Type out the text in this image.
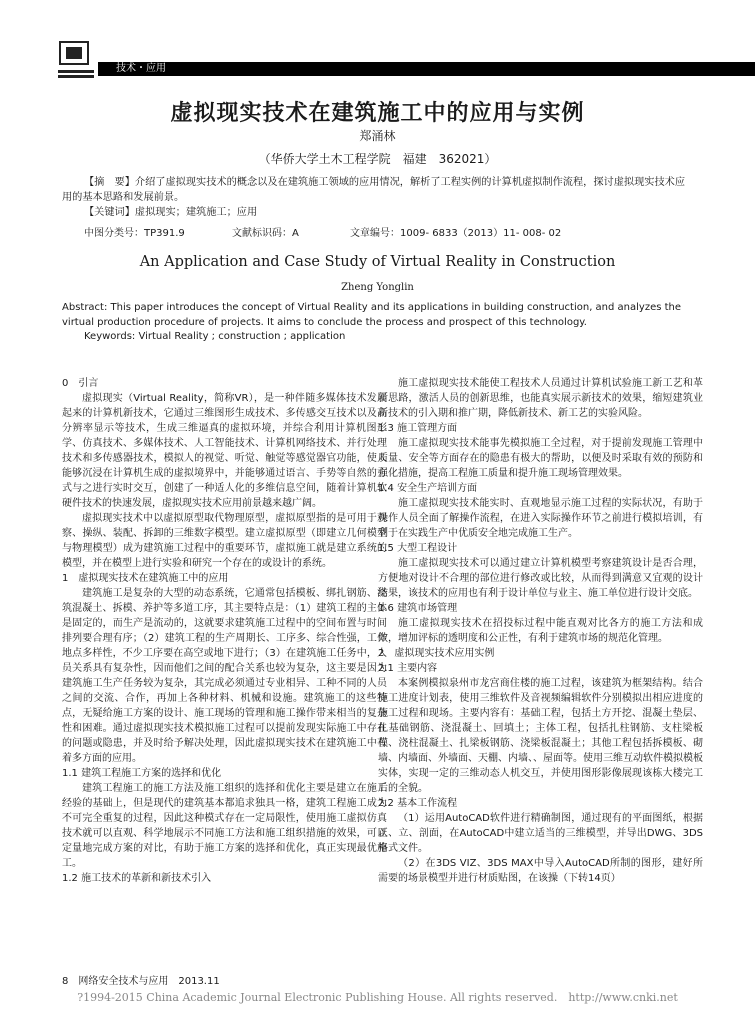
技术・应用
虚拟现实技术在建筑施工中的应用与实例
郑涌林
（华侨大学土木工程学院　福建　362021）

【摘　要】介绍了虚拟现实技术的概念以及在建筑施工领域的应用情况，解析了工程实例的计算机虚拟制作流程，探讨虚拟现实技术应用的基本思路和发展前景。

【关键词】虚拟现实；建筑施工；应用

中图分类号：TP391.9	文献标识码：A	文章编号：1009- 6833（2013）11- 008- 02
An Application and Case Study of Virtual Reality in Construction
Zheng Yonglin

Abstract: This paper introduces the concept of Virtual Reality and its applications in building construction, and analyzes the virtual production procedure of projects. It aims to conclude the process and prospect of this technology.

Keywords: Virtual Reality ; construction ; application

0　引言

虚拟现实（Virtual Reality，简称VR），是一种伴随多媒体技术发展起来的计算机新技术，它通过三维图形生成技术、多传感交互技术以及高分辨率显示等技术，生成三维逼真的虚拟环境，并综合利用计算机图形学、仿真技术、多媒体技术、人工智能技术、计算机网络技术、并行处理技术和多传感器技术，模拟人的视觉、听觉、触觉等感觉器官功能，使人能够沉浸在计算机生成的虚拟境界中，并能够通过语言、手势等自然的方式与之进行实时交互，创建了一种适人化的多维信息空间，随着计算机软硬件技术的快速发展，虚拟现实技术应用前景越来越广阔。

虚拟现实技术中以虚拟原型取代物理原型，虚拟原型指的是可用于观察、操纵、装配、拆卸的三维数字模型。建立虚拟原型（即建立几何模型与物理模型）成为建筑施工过程中的重要环节，虚拟施工就是建立系统的模型，并在模型上进行实验和研究一个存在的或设计的系统。

1　虚拟现实技术在建筑施工中的应用

建筑施工是复杂的大型的动态系统，它通常包括模板、绑扎钢筋、浇筑混凝土、拆模、养护等多道工序，其主要特点是：（1）建筑工程的主体是固定的，而生产是流动的，这就要求建筑施工过程中的空间布置与时间排列要合理有序；（2）建筑工程的生产周期长、工序多、综合性强，工作地点多样性，不少工序要在高空或地下进行；（3）在建筑施工任务中，人员关系具有复杂性，因而他们之间的配合关系也较为复杂，这主要是因为建筑施工生产任务较为复杂，其完成必须通过专业相异、工种不同的人员之间的交流、合作，再加上各种材料、机械和设施。建筑施工的这些特点，无疑给施工方案的设计、施工现场的管理和施工操作带来相当的复杂性和困难。通过虚拟现实技术模拟施工过程可以提前发现实际施工中存在的问题或隐患，并及时给予解决处理，因此虚拟现实技术在建筑施工中有着多方面的应用。

1.1 建筑工程施工方案的选择和优化

建筑工程施工的施工方法及施工组织的选择和优化主要是建立在施工经验的基础上，但是现代的建筑基本都追求独具一格，建筑工程施工成为不可完全重复的过程，因此这种模式存在一定局限性，使用施工虚拟仿真技术就可以直观、科学地展示不同施工方法和施工组织措施的效果，可以定量地完成方案的对比，有助于施工方案的选择和优化，真正实现最优施工。

1.2 施工技术的革新和新技术引入

施工虚拟现实技术能使工程技术人员通过计算机试验施工新工艺和革新思路，激活人员的创新思维，也能真实展示新技术的效果，缩短建筑业新技术的引入期和推广期，降低新技术、新工艺的实验风险。

1.3 施工管理方面

施工虚拟现实技术能事先模拟施工全过程，对于提前发现施工管理中质量、安全等方面存在的隐患有极大的帮助，以便及时采取有效的预防和强化措施，提高工程施工质量和提升施工现场管理效果。

1.4 安全生产培训方面

施工虚拟现实技术能实时、直观地显示施工过程的实际状况，有助于操作人员全面了解操作流程，在进入实际操作环节之前进行模拟培训，有利于在实践生产中优质安全地完成施工生产。

1.5 大型工程设计

施工虚拟现实技术可以通过建立计算机模型考察建筑设计是否合理，方便地对设计不合理的部位进行修改或比较，从而得到满意又宜观的设计结果，该技术的应用也有利于设计单位与业主、施工单位进行设计交底。

1.6 建筑市场管理

施工虚拟现实技术在招投标过程中能直观对比各方的施工方法和成效，增加评标的透明度和公正性，有利于建筑市场的规范化管理。

2　虚拟现实技术应用实例

2.1 主要内容

本案例模拟泉州市龙宫商住楼的施工过程，该建筑为框架结构。结合施工进度计划表，使用三维软件及音视频编辑软件分别模拟出相应进度的施工过程和现场。主要内容有：基础工程，包括土方开挖、混凝土垫层、扎基础钢筋、浇混凝土、回填土；主体工程，包括扎柱钢筋、支柱梁板模、浇柱混凝土、扎梁板钢筋、浇梁板混凝土；其他工程包括拆模板、砌墙、内墙面、外墙面、天棚、内墙、、屋面等。使用三维互动软件模拟模板实体，实现一定的三维动态人机交互，并使用图形影像展现该栋大楼完工后的全貌。

2.2 基本工作流程

（1）运用AutoCAD软件进行精确制图，通过现有的平面图纸，根据正、立、剖面，在AutoCAD中建立适当的三维模型，并导出DWG、3DS格式文件。

（2）在3DS VIZ、3DS MAX中导入AutoCAD所制的图形，建好所需要的场景模型并进行材质贴图，在该操（下转14页）

8　网络安全技术与应用　2013.11
?1994-2015 China Academic Journal Electronic Publishing House. All rights reserved.　http://www.cnki.net
